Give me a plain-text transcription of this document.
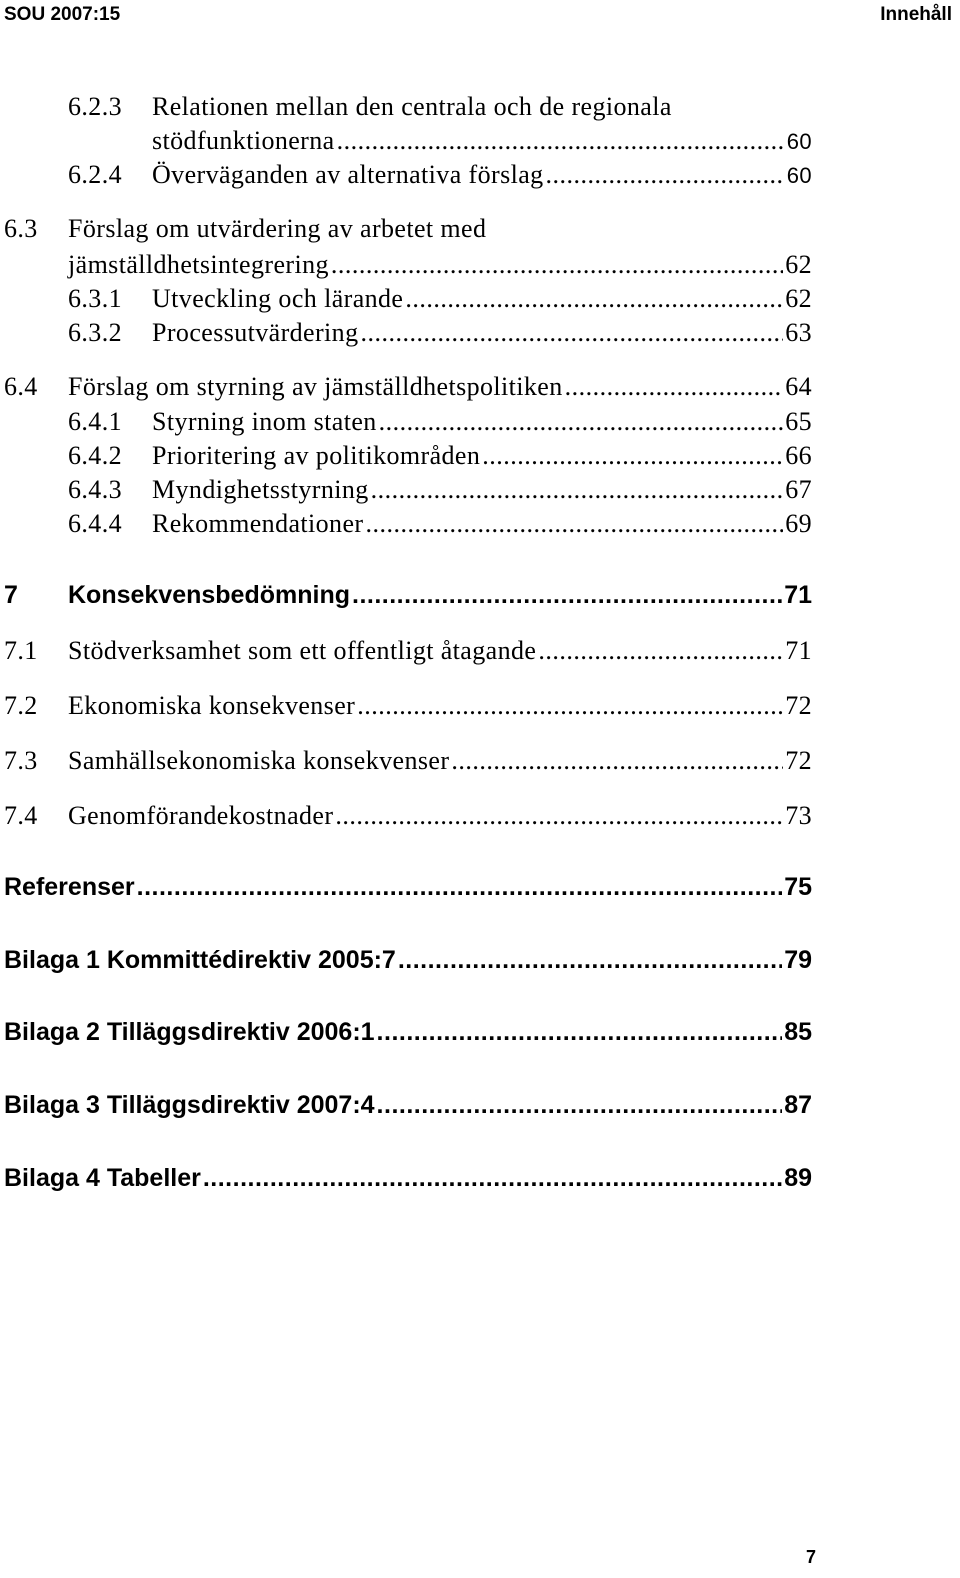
SOU 2007:15	Innehåll
6.2.3 Relationen mellan den centrala och de regionala
stödfunktionerna .....	60
6.2.4	Överväganden av alternativa förslag .....	60
6.3 Förslag om utvärdering av arbetet med
jämställdhetsintegrering .....	62
6.3.1	Utveckling och lärande .....	62
6.3.2	Processutvärdering .....	63
6.4	Förslag om styrning av jämställdhetspolitiken .....	64
6.4.1	Styrning inom staten .....	65
6.4.2	Prioritering av politikområden .....	66
6.4.3	Myndighetsstyrning .....	67
6.4.4	Rekommendationer .....	69
7	Konsekvensbedömning .....	71
7.1	Stödverksamhet som ett offentligt åtagande .....	71
7.2	Ekonomiska konsekvenser .....	72
7.3	Samhällsekonomiska konsekvenser .....	72
7.4	Genomförandekostnader .....	73
Referenser .....	75
Bilaga 1 Kommittédirektiv 2005:7 .....	79
Bilaga 2 Tilläggsdirektiv 2006:1 .....	85
Bilaga 3 Tilläggsdirektiv 2007:4 .....	87
Bilaga 4 Tabeller .....	89
7
